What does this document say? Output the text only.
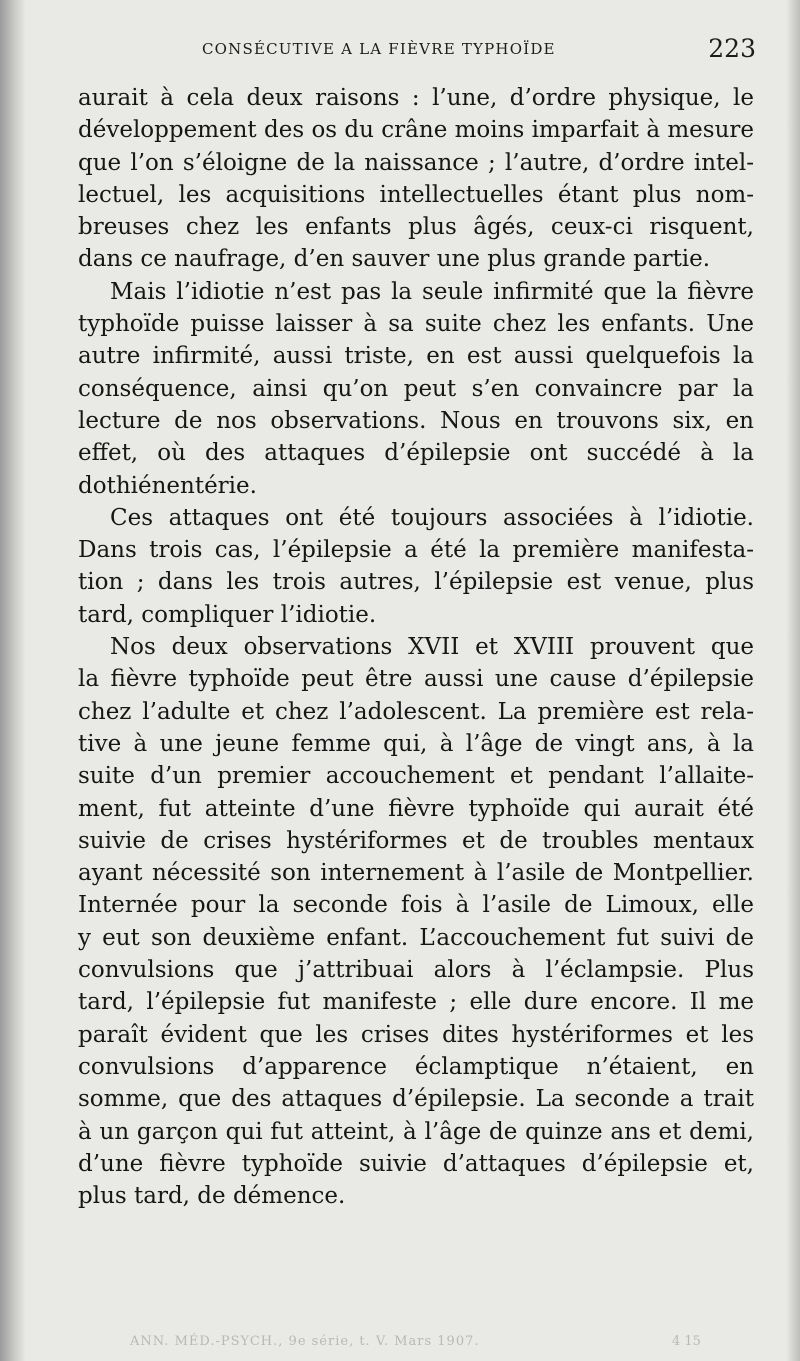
CONSÉCUTIVE A LA FIÈVRE TYPHOÏDE	223
aurait à cela deux raisons : l’une, d’ordre physique, le
développement des os du crâne moins imparfait à mesure
que l’on s’éloigne de la naissance ; l’autre, d’ordre intel-
lectuel, les acquisitions intellectuelles étant plus nom-
breuses chez les enfants plus âgés, ceux-ci risquent,
dans ce naufrage, d’en sauver une plus grande partie.
Mais l’idiotie n’est pas la seule infirmité que la fièvre
typhoïde puisse laisser à sa suite chez les enfants. Une
autre infirmité, aussi triste, en est aussi quelquefois la
conséquence, ainsi qu’on peut s’en convaincre par la
lecture de nos observations. Nous en trouvons six, en
effet, où des attaques d’épilepsie ont succédé à la
dothiénentérie.
Ces attaques ont été toujours associées à l’idiotie.
Dans trois cas, l’épilepsie a été la première manifesta-
tion ; dans les trois autres, l’épilepsie est venue, plus
tard, compliquer l’idiotie.
Nos deux observations XVII et XVIII prouvent que
la fièvre typhoïde peut être aussi une cause d’épilepsie
chez l’adulte et chez l’adolescent. La première est rela-
tive à une jeune femme qui, à l’âge de vingt ans, à la
suite d’un premier accouchement et pendant l’allaite-
ment, fut atteinte d’une fièvre typhoïde qui aurait été
suivie de crises hystériformes et de troubles mentaux
ayant nécessité son internement à l’asile de Montpellier.
Internée pour la seconde fois à l’asile de Limoux, elle
y eut son deuxième enfant. L’accouchement fut suivi de
convulsions que j’attribuai alors à l’éclampsie. Plus
tard, l’épilepsie fut manifeste ; elle dure encore. Il me
paraît évident que les crises dites hystériformes et les
convulsions d’apparence éclamptique n’étaient, en
somme, que des attaques d’épilepsie. La seconde a trait
à un garçon qui fut atteint, à l’âge de quinze ans et demi,
d’une fièvre typhoïde suivie d’attaques d’épilepsie et,
plus tard, de démence.
ANN. MÉD.-PSYCH., 9e série, t. V. Mars 1907.	4 15
